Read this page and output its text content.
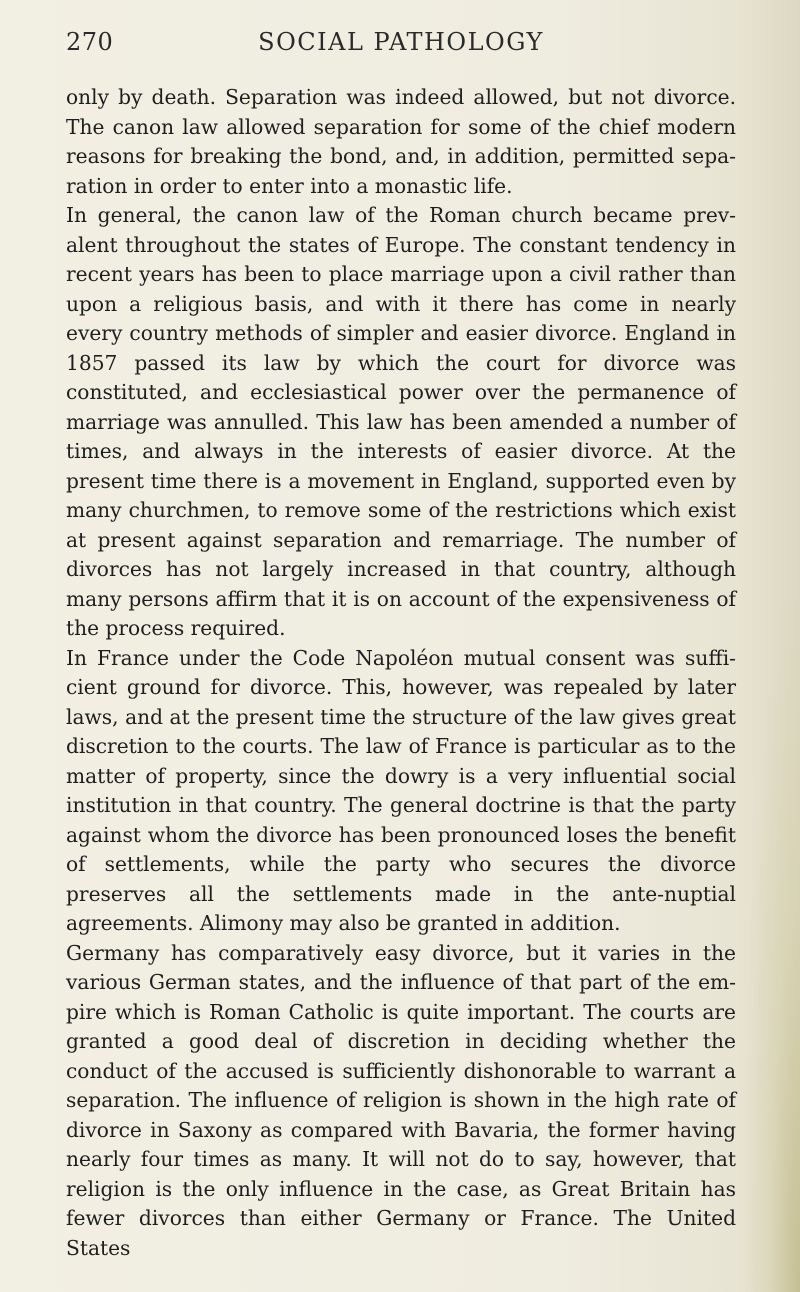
270	SOCIAL PATHOLOGY

only by death. Separation was indeed allowed, but not divorce. The canon law allowed separation for some of the chief modern reasons for breaking the bond, and, in addition, permitted sepa-ration in order to enter into a monastic life.

In general, the canon law of the Roman church became prev-alent throughout the states of Europe. The constant tendency in recent years has been to place marriage upon a civil rather than upon a religious basis, and with it there has come in nearly every country methods of simpler and easier divorce. England in 1857 passed its law by which the court for divorce was constituted, and ecclesiastical power over the permanence of marriage was annulled. This law has been amended a number of times, and always in the interests of easier divorce. At the present time there is a movement in England, supported even by many churchmen, to remove some of the restrictions which exist at present against separation and remarriage. The number of divorces has not largely increased in that country, although many persons affirm that it is on account of the expensiveness of the process required.

In France under the Code Napoléon mutual consent was suffi-cient ground for divorce. This, however, was repealed by later laws, and at the present time the structure of the law gives great discretion to the courts. The law of France is particular as to the matter of property, since the dowry is a very influential social institution in that country. The general doctrine is that the party against whom the divorce has been pronounced loses the benefit of settlements, while the party who secures the divorce preserves all the settlements made in the ante-nuptial agreements. Alimony may also be granted in addition.

Germany has comparatively easy divorce, but it varies in the various German states, and the influence of that part of the em-pire which is Roman Catholic is quite important. The courts are granted a good deal of discretion in deciding whether the conduct of the accused is sufficiently dishonorable to warrant a separation. The influence of religion is shown in the high rate of divorce in Saxony as compared with Bavaria, the former having nearly four times as many. It will not do to say, however, that religion is the only influence in the case, as Great Britain has fewer divorces than either Germany or France. The United States
